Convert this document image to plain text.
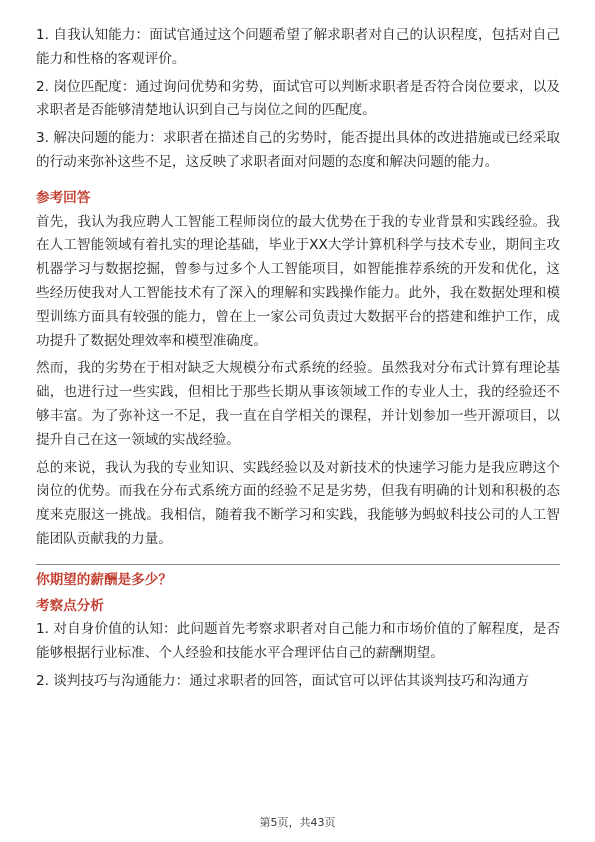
1. 自我认知能力：面试官通过这个问题希望了解求职者对自己的认识程度，包括对自己能力和性格的客观评价。

2. 岗位匹配度：通过询问优势和劣势，面试官可以判断求职者是否符合岗位要求，以及求职者是否能够清楚地认识到自己与岗位之间的匹配度。

3. 解决问题的能力：求职者在描述自己的劣势时，能否提出具体的改进措施或已经采取的行动来弥补这些不足，这反映了求职者面对问题的态度和解决问题的能力。

参考回答

首先，我认为我应聘人工智能工程师岗位的最大优势在于我的专业背景和实践经验。我在人工智能领域有着扎实的理论基础，毕业于XX大学计算机科学与技术专业，期间主攻机器学习与数据挖掘，曾参与过多个人工智能项目，如智能推荐系统的开发和优化，这些经历使我对人工智能技术有了深入的理解和实践操作能力。此外，我在数据处理和模型训练方面具有较强的能力，曾在上一家公司负责过大数据平台的搭建和维护工作，成功提升了数据处理效率和模型准确度。

然而，我的劣势在于相对缺乏大规模分布式系统的经验。虽然我对分布式计算有理论基础，也进行过一些实践，但相比于那些长期从事该领域工作的专业人士，我的经验还不够丰富。为了弥补这一不足，我一直在自学相关的课程，并计划参加一些开源项目，以提升自己在这一领域的实战经验。

总的来说，我认为我的专业知识、实践经验以及对新技术的快速学习能力是我应聘这个岗位的优势。而我在分布式系统方面的经验不足是劣势，但我有明确的计划和积极的态度来克服这一挑战。我相信，随着我不断学习和实践，我能够为蚂蚁科技公司的人工智能团队贡献我的力量。

你期望的薪酬是多少？
考察点分析

1. 对自身价值的认知：此问题首先考察求职者对自己能力和市场价值的了解程度，是否能够根据行业标准、个人经验和技能水平合理评估自己的薪酬期望。

2. 谈判技巧与沟通能力：通过求职者的回答，面试官可以评估其谈判技巧和沟通方

第5页，共43页
